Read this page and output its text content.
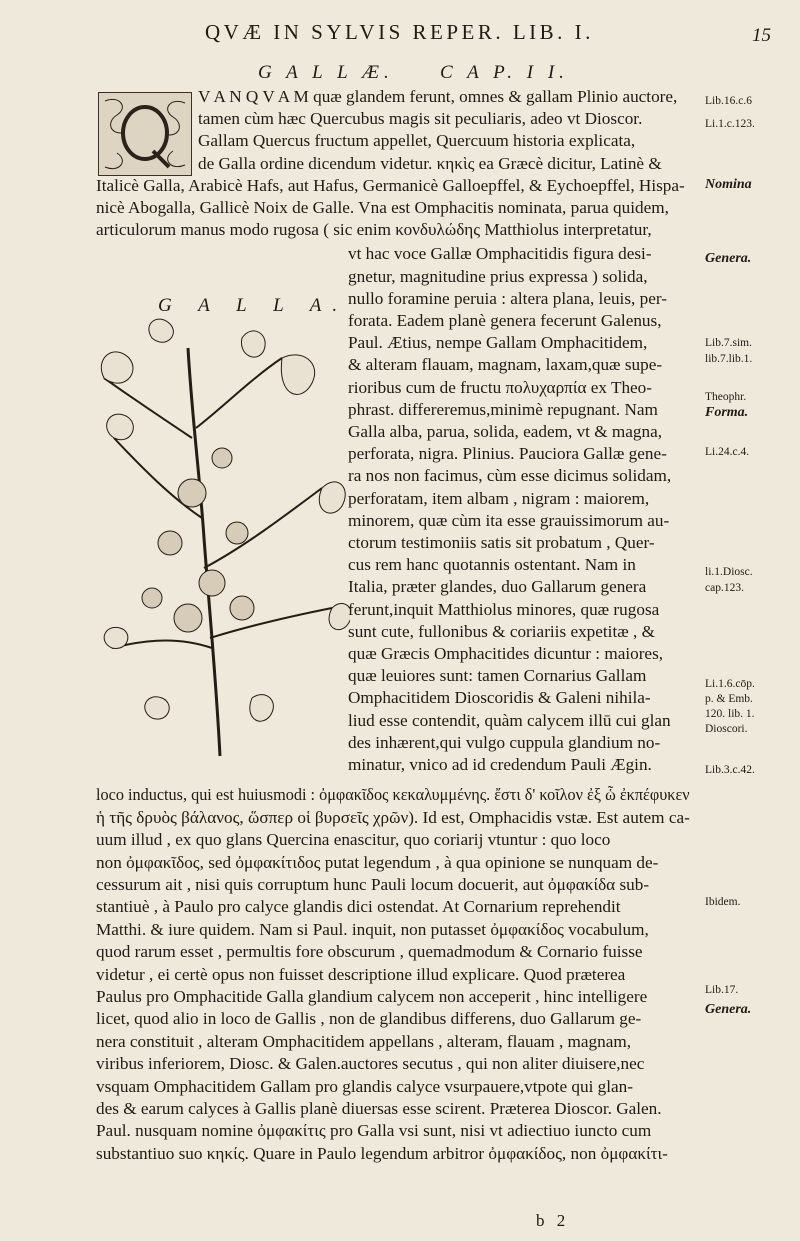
QVÆ IN SYLVIS REPER. LIB. I.	15
G A L L Æ. C A P. I I.
G A L L A.
V A N Q V A M quæ glandem ferunt, omnes & gallam Plinio auctore,
tamen cùm hæc Quercubus magis sit peculiaris, adeo vt Dioscor.
Gallam Quercus fructum appellet, Quercuum historia explicata,
de Galla ordine dicendum videtur. κηκὶς ea Græcè dicitur, Latinè &
Italicè Galla, Arabicè Hafs, aut Hafus, Germanicè Galloepffel, & Eychoepffel, Hispa-
nicè Abogalla, Gallicè Noix de Galle. Vna est Omphacitis nominata, parua quidem,
articulorum manus modo rugosa ( sic enim κονδυλώδης Matthiolus interpretatur,
vt hac voce Gallæ Omphacitidis figura desi-
gnetur, magnitudine prius expressa ) solida,
nullo foramine peruia : altera plana, leuis, per-
forata. Eadem planè genera fecerunt Galenus,
Paul. Ætius, nempe Gallam Omphacitidem,
& alteram flauam, magnam, laxam,quæ supe-
rioribus cum de fructu πολυχαρπία ex Theo-
phrast. differeremus,minimè repugnant. Nam
Galla alba, parua, solida, eadem, vt & magna,
perforata, nigra. Plinius. Pauciora Gallæ gene-
ra nos non facimus, cùm esse dicimus solidam,
perforatam, item albam , nigram : maiorem,
minorem, quæ cùm ita esse grauissimorum au-
ctorum testimoniis satis sit probatum , Quer-
cus rem hanc quotannis ostentant. Nam in
Italia, præter glandes, duo Gallarum genera
ferunt,inquit Matthiolus minores, quæ rugosa
sunt cute, fullonibus & coriariis expetitæ , &
quæ Græcis Omphacitides dicuntur : maiores,
quæ leuiores sunt: tamen Cornarius Gallam
Omphacitidem Dioscoridis & Galeni nihila-
liud esse contendit, quàm calycem illū cui glan
des inhærent,qui vulgo cuppula glandium no-
minatur, vnico ad id credendum Pauli Ægin.
loco inductus, qui est huiusmodi : ὀμφακῖδος κεκαλυμμένης. ἔστι δ' κοῖλον ἐξ ὧ ἐκπέφυκεν
ἡ τῆς δρυὸς βάλανος, ὥσπερ οἱ βυρσεῖς χρῶν). Id est, Omphacidis vstæ. Est autem ca-
uum illud , ex quo glans Quercina enascitur, quo coriarij vtuntur : quo loco
non ὀμφακῖδος, sed ὀμφακίτιδος putat legendum , à qua opinione se nunquam de-
cessurum ait , nisi quis corruptum hunc Pauli locum docuerit, aut ὀμφακίδα sub-
stantiuè , à Paulo pro calyce glandis dici ostendat. At Cornarium reprehendit
Matthi. & iure quidem. Nam si Paul. inquit, non putasset ὀμφακίδος vocabulum,
quod rarum esset , permultis fore obscurum , quemadmodum & Cornario fuisse
videtur , ei certè opus non fuisset descriptione illud explicare. Quod præterea
Paulus pro Omphacitide Galla glandium calycem non acceperit , hinc intelligere
licet, quod alio in loco de Gallis , non de glandibus differens, duo Gallarum ge-
nera constituit , alteram Omphacitidem appellans , alteram, flauam , magnam,
viribus inferiorem, Diosc. & Galen.auctores secutus , qui non aliter diuisere,nec
vsquam Omphacitidem Gallam pro glandis calyce vsurpauere,vtpote qui glan-
des & earum calyces à Gallis planè diuersas esse scirent. Præterea Dioscor. Galen.
Paul. nusquam nomine ὀμφακίτις pro Galla vsi sunt, nisi vt adiectiuo iuncto cum
substantiuo suo κηκίς. Quare in Paulo legendum arbitror ὀμφακίδος, non ὀμφακίτι-
Lib.16.c.6
Li.1.c.123.
Nomina
Genera.
Lib.7.sim.
lib.7.lib.1.
Theophr.
Forma.
Li.24.c.4.
li.1.Diosc.
cap.123.
Li.1.6.cōp.
p. & Emb.
120. lib. 1.
Dioscori.
Lib.3.c.42.
Ibidem.
Lib.17.
Genera.
b 2
